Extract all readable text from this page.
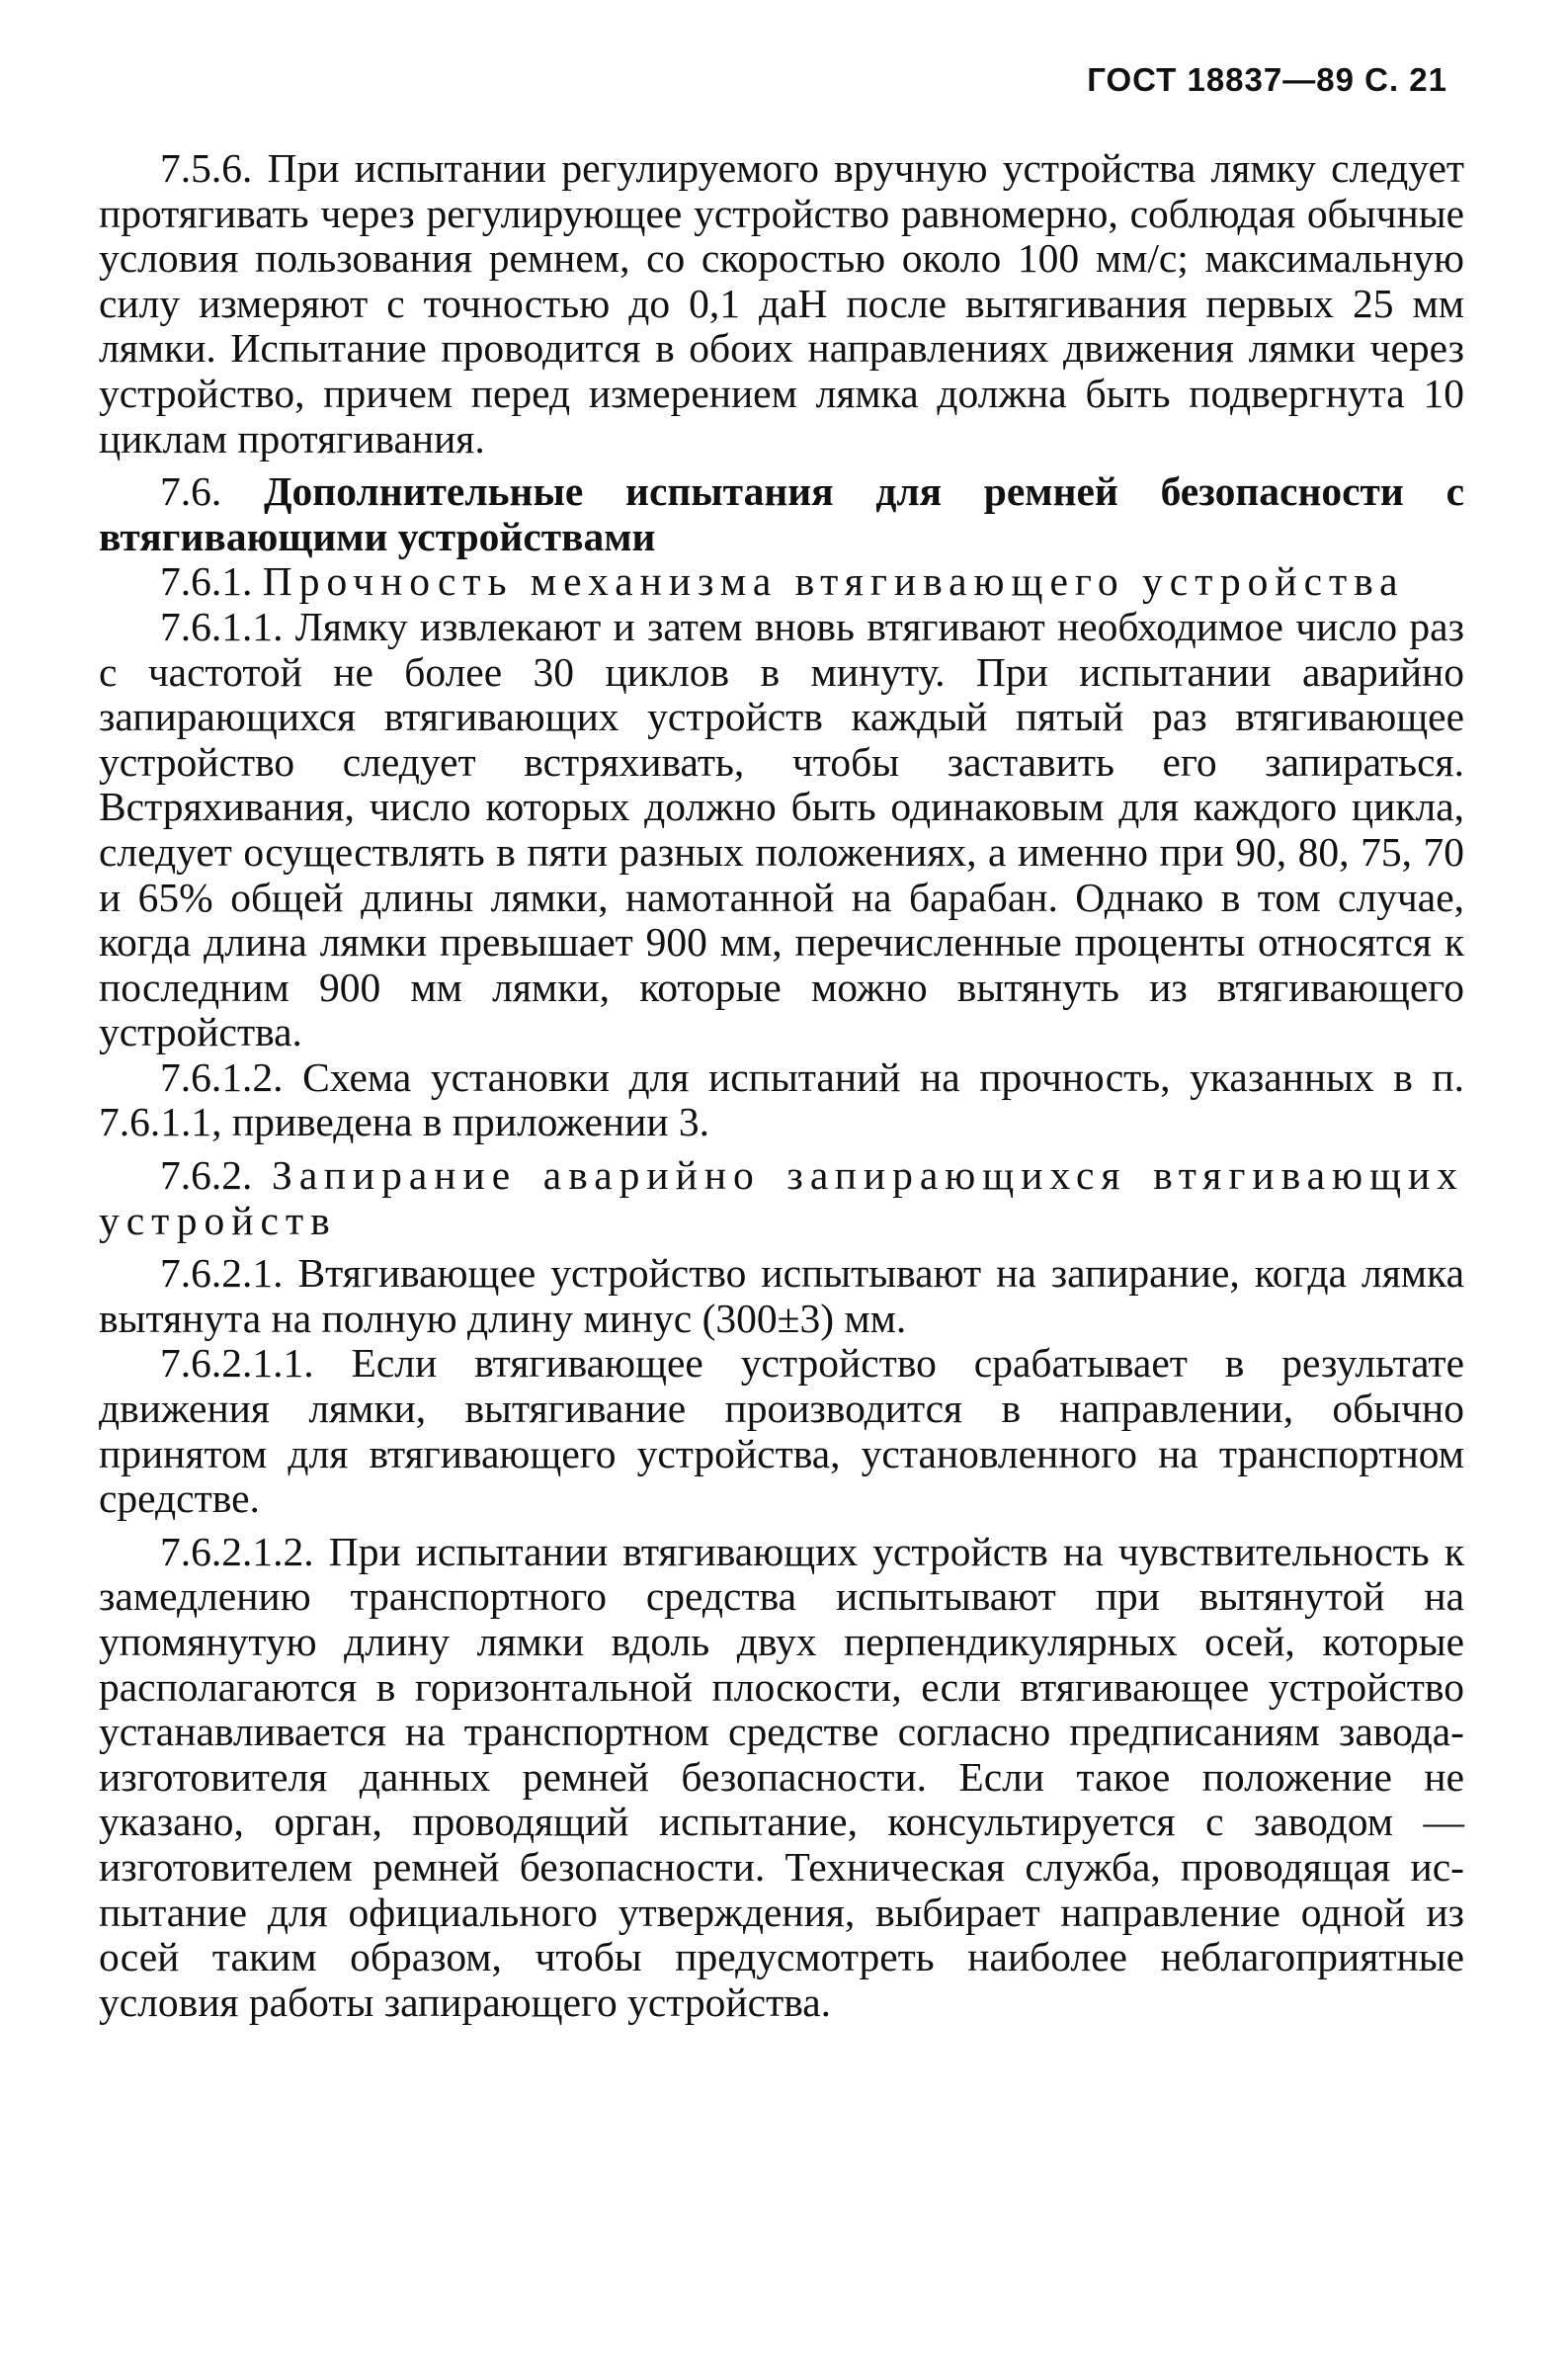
ГОСТ 18837—89 С. 21

7.5.6. При испытании регулируемого вручную устройства лямку следует протягивать через регулирующее устройство равномерно, соблюдая обычные условия пользования ремнем, со скоростью около 100 мм/с; максимальную силу измеряют с точностью до 0,1 даН после вытягивания первых 25 мм лямки. Испытание проводится в обоих направлениях движения лямки через устройство, причем перед измерением лямка должна быть подвергнута 10 циклам протягивания.

7.6. Дополнительные испытания для ремней безопасности с втягивающими устройствами

7.6.1. Прочность механизма втягивающего устройства

7.6.1.1. Лямку извлекают и затем вновь втягивают необходимое число раз с частотой не более 30 циклов в минуту. При испытании аварийно запирающихся втягивающих устройств каждый пятый раз втягивающее устройство следует встряхивать, чтобы заставить его запираться. Встряхивания, число которых должно быть одинаковым для каждого цикла, следует осуществлять в пяти разных положениях, а именно при 90, 80, 75, 70 и 65% общей длины лямки, намотанной на барабан. Однако в том случае, когда длина лямки превышает 900 мм, перечисленные проценты относятся к последним 900 мм лямки, которые можно вытянуть из втягивающего устройства.

7.6.1.2. Схема установки для испытаний на прочность, указанных в п. 7.6.1.1, приведена в приложении 3.

7.6.2. Запирание аварийно запирающихся втягивающих устройств

7.6.2.1. Втягивающее устройство испытывают на запирание, когда лямка вытянута на полную длину минус (300±3) мм.

7.6.2.1.1. Если втягивающее устройство срабатывает в результате движения лямки, вытягивание производится в направлении, обычно принятом для втягивающего устройства, установленного на транспортном средстве.

7.6.2.1.2. При испытании втягивающих устройств на чувствительность к замедлению транспортного средства испытывают при вытянутой на упомянутую длину лямки вдоль двух перпендикулярных осей, которые располагаются в горизонтальной плоскости, если втягивающее устройство устанавливается на транспортном средстве согласно предписаниям завода-изготовителя данных ремней безопасности. Если такое положение не указано, орган, проводящий испытание, консультируется с заводом — изготовителем ремней безопасности. Техническая служба, проводящая испытание для официального утверждения, выбирает направление одной из осей таким образом, чтобы предусмотреть наиболее неблагоприятные условия работы запирающего устройства.
